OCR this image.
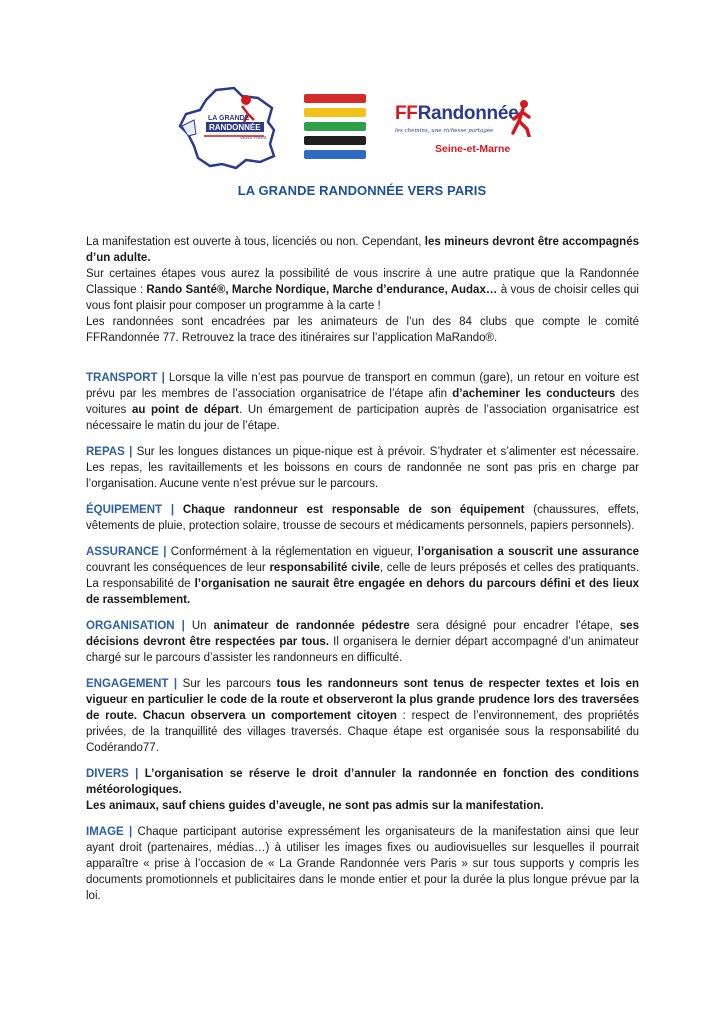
LA GRANDE
RANDONNÉE
VERS PARIS
FFRandonnée
les chemins, une richesse partagée
Seine-et-Marne
LA GRANDE RANDONNÉE VERS PARIS

La manifestation est ouverte à tous, licenciés ou non. Cependant, les mineurs devront être accompagnés d’un adulte.

Sur certaines étapes vous aurez la possibilité de vous inscrire à une autre pratique que la Randonnée Classique : Rando Santé®, Marche Nordique, Marche d’endurance, Audax… à vous de choisir celles qui vous font plaisir pour composer un programme à la carte !

Les randonnées sont encadrées par les animateurs de l’un des 84 clubs que compte le comité FFRandonnée 77. Retrouvez la trace des itinéraires sur l’application MaRando®.

TRANSPORT | Lorsque la ville n’est pas pourvue de transport en commun (gare), un retour en voiture est prévu par les membres de l’association organisatrice de l’étape afin d’acheminer les conducteurs des voitures au point de départ. Un émargement de participation auprès de l’association organisatrice est nécessaire le matin du jour de l’étape.

REPAS | Sur les longues distances un pique-nique est à prévoir. S’hydrater et s’alimenter est nécessaire. Les repas, les ravitaillements et les boissons en cours de randonnée ne sont pas pris en charge par l’organisation. Aucune vente n’est prévue sur le parcours.

ÉQUIPEMENT | Chaque randonneur est responsable de son équipement (chaussures, effets, vêtements de pluie, protection solaire, trousse de secours et médicaments personnels, papiers personnels).

ASSURANCE | Conformément à la réglementation en vigueur, l’organisation a souscrit une assurance couvrant les conséquences de leur responsabilité civile, celle de leurs préposés et celles des pratiquants. La responsabilité de l’organisation ne saurait être engagée en dehors du parcours défini et des lieux de rassemblement.

ORGANISATION | Un animateur de randonnée pédestre sera désigné pour encadrer l’étape, ses décisions devront être respectées par tous. Il organisera le dernier départ accompagné d’un animateur chargé sur le parcours d’assister les randonneurs en difficulté.

ENGAGEMENT | Sur les parcours tous les randonneurs sont tenus de respecter textes et lois en vigueur en particulier le code de la route et observeront la plus grande prudence lors des traversées de route. Chacun observera un comportement citoyen : respect de l’environnement, des propriétés privées, de la tranquillité des villages traversés. Chaque étape est organisée sous la responsabilité du Codérando77.

DIVERS | L’organisation se réserve le droit d’annuler la randonnée en fonction des conditions météorologiques.

Les animaux, sauf chiens guides d’aveugle, ne sont pas admis sur la manifestation.

IMAGE | Chaque participant autorise expressément les organisateurs de la manifestation ainsi que leur ayant droit (partenaires, médias…) à utiliser les images fixes ou audiovisuelles sur lesquelles il pourrait apparaître « prise à l’occasion de « La Grande Randonnée vers Paris » sur tous supports y compris les documents promotionnels et publicitaires dans le monde entier et pour la durée la plus longue prévue par la loi.
